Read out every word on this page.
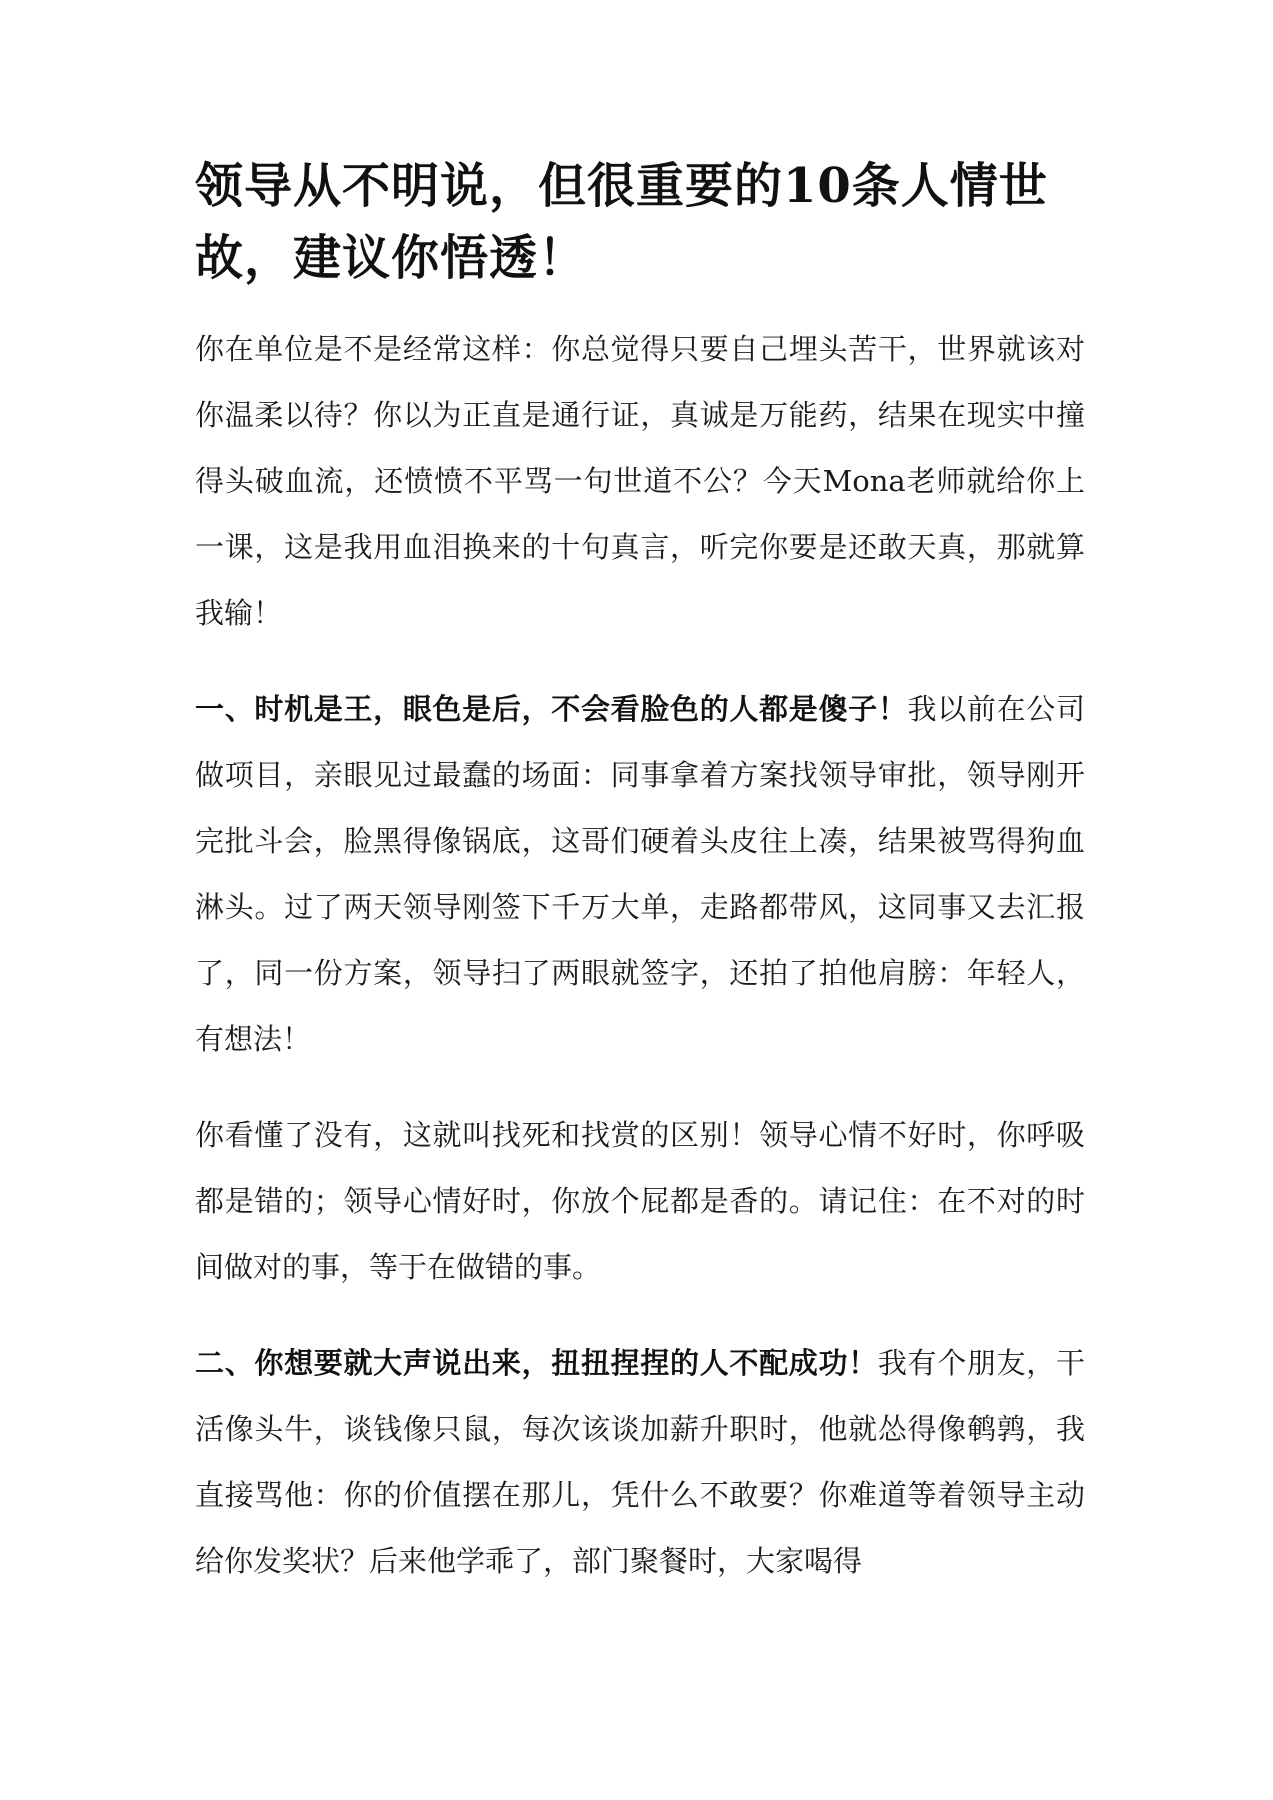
领导从不明说，但很重要的10条人情世故，建议你悟透！

你在单位是不是经常这样：你总觉得只要自己埋头苦干，世界就该对你温柔以待？你以为正直是通行证，真诚是万能药，结果在现实中撞得头破血流，还愤愤不平骂一句世道不公？今天Mona老师就给你上一课，这是我用血泪换来的十句真言，听完你要是还敢天真，那就算我输！

一、时机是王，眼色是后，不会看脸色的人都是傻子！我以前在公司做项目，亲眼见过最蠢的场面：同事拿着方案找领导审批，领导刚开完批斗会，脸黑得像锅底，这哥们硬着头皮往上凑，结果被骂得狗血淋头。过了两天领导刚签下千万大单，走路都带风，这同事又去汇报了，同一份方案，领导扫了两眼就签字，还拍了拍他肩膀：年轻人，有想法！

你看懂了没有，这就叫找死和找赏的区别！领导心情不好时，你呼吸都是错的；领导心情好时，你放个屁都是香的。请记住：在不对的时间做对的事，等于在做错的事。

二、你想要就大声说出来，扭扭捏捏的人不配成功！我有个朋友，干活像头牛，谈钱像只鼠，每次该谈加薪升职时，他就怂得像鹌鹑，我直接骂他：你的价值摆在那儿，凭什么不敢要？你难道等着领导主动给你发奖状？后来他学乖了，部门聚餐时，大家喝得
